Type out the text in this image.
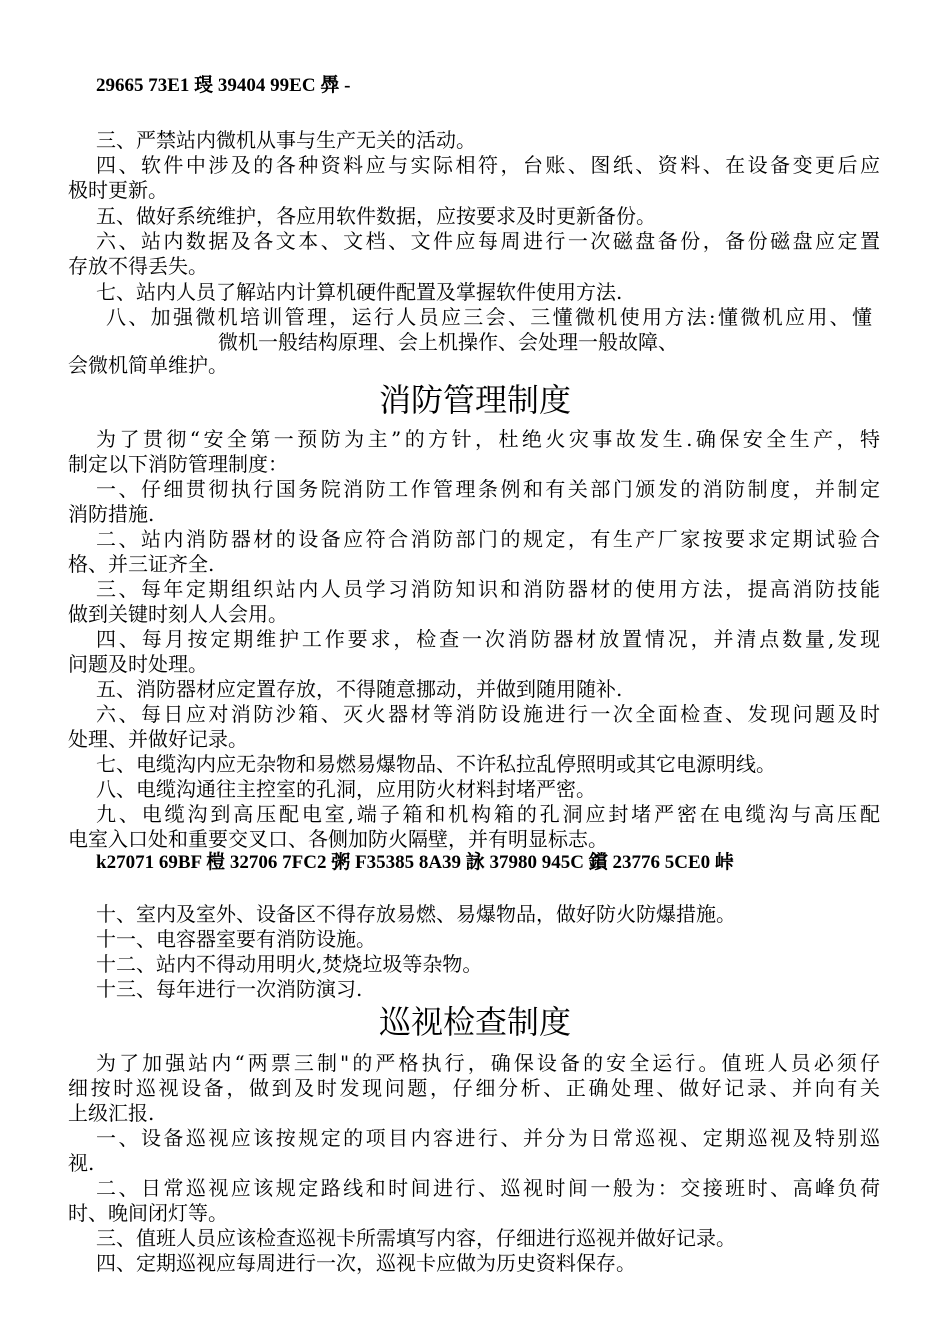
29665 73E1 琝 39404 99EC 馵 -
三、严禁站内微机从事与生产无关的活动。
四、软件中涉及的各种资料应与实际相符，台账、图纸、资料、在设备变更后应
极时更新。
五、做好系统维护，各应用软件数据，应按要求及时更新备份。
六、站内数据及各文本、文档、文件应每周进行一次磁盘备份，备份磁盘应定置
存放不得丢失。
七、站内人员了解站内计算机硬件配置及掌握软件使用方法.
八、加强微机培训管理，运行人员应三会、三懂微机使用方法:懂微机应用、懂
微机一般结构原理、会上机操作、会处理一般故障、
会微机简单维护。
消防管理制度
为了贯彻“安全第一预防为主”的方针，杜绝火灾事故发生.确保安全生产，特
制定以下消防管理制度：
一、仔细贯彻执行国务院消防工作管理条例和有关部门颁发的消防制度，并制定
消防措施.
二、站内消防器材的设备应符合消防部门的规定，有生产厂家按要求定期试验合
格、并三证齐全.
三、每年定期组织站内人员学习消防知识和消防器材的使用方法，提高消防技能
做到关键时刻人人会用。
四、每月按定期维护工作要求，检查一次消防器材放置情况，并清点数量,发现
问题及时处理。
五、消防器材应定置存放，不得随意挪动，并做到随用随补.
六、每日应对消防沙箱、灭火器材等消防设施进行一次全面检查、发现问题及时
处理、并做好记录。
七、电缆沟内应无杂物和易燃易爆物品、不许私拉乱停照明或其它电源明线。
八、电缆沟通往主控室的孔洞，应用防火材料封堵严密。
九、电缆沟到高压配电室,端子箱和机构箱的孔洞应封堵严密在电缆沟与高压配
电室入口处和重要交叉口、各侧加防火隔壁，并有明显标志。
k27071 69BF 榿 32706 7FC2 粥 F35385 8A39 詠 37980 945C 鑜 23776 5CE0 峠
十、室内及室外、设备区不得存放易燃、易爆物品，做好防火防爆措施。
十一、电容器室要有消防设施。
十二、站内不得动用明火,焚烧垃圾等杂物。
十三、每年进行一次消防演习.
巡视检查制度
为了加强站内“两票三制"的严格执行，确保设备的安全运行。值班人员必须仔
细按时巡视设备，做到及时发现问题，仔细分析、正确处理、做好记录、并向有关
上级汇报.
一、设备巡视应该按规定的项目内容进行、并分为日常巡视、定期巡视及特别巡
视.
二、日常巡视应该规定路线和时间进行、巡视时间一般为：交接班时、高峰负荷
时、晚间闭灯等。
三、值班人员应该检查巡视卡所需填写内容，仔细进行巡视并做好记录。
四、定期巡视应每周进行一次，巡视卡应做为历史资料保存。
